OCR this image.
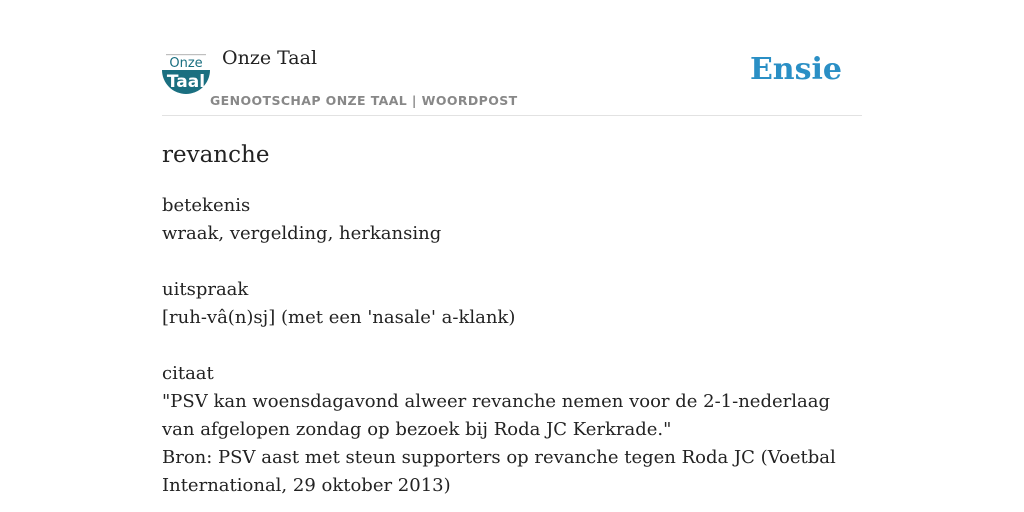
Onze
Taal
Onze Taal
GENOOTSCHAP ONZE TAAL | WOORDPOST
Ensie
revanche
betekenis
wraak, vergelding, herkansing
uitspraak
[ruh-vâ(n)sj] (met een 'nasale' a-klank)
citaat
"PSV kan woensdagavond alweer revanche nemen voor de 2-1-nederlaag van afgelopen zondag op bezoek bij Roda JC Kerkrade."
Bron: PSV aast met steun supporters op revanche tegen Roda JC (Voetbal International, 29 oktober 2013)
